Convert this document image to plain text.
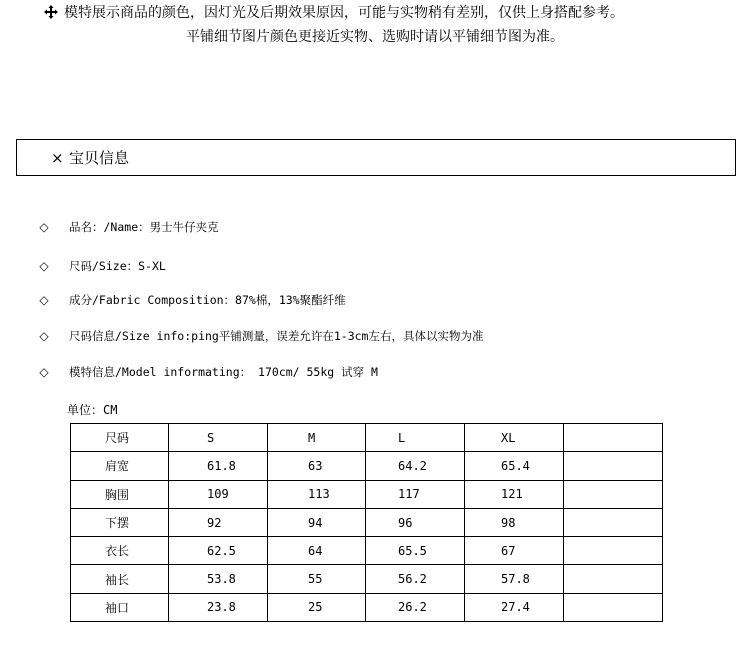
模特展示商品的颜色，因灯光及后期效果原因，可能与实物稍有差别，仅供上身搭配参考。
平铺细节图片颜色更接近实物、选购时请以平铺细节图为准。
× 宝贝信息
◇ 品名：/Name：男士牛仔夹克
◇ 尺码/Size：S-XL
◇ 成分/Fabric Composition：87%棉，13%聚酯纤维
◇ 尺码信息/Size info:ping平铺测量，误差允许在1-3cm左右，具体以实物为准
◇ 模特信息/Model informating： 170cm/ 55kg 试穿 M
单位：CM
尺码	S	M	L	XL	
肩宽	61.8	63	64.2	65.4	
胸围	109	113	117	121	
下摆	92	94	96	98	
衣长	62.5	64	65.5	67	
袖长	53.8	55	56.2	57.8	
袖口	23.8	25	26.2	27.4	
